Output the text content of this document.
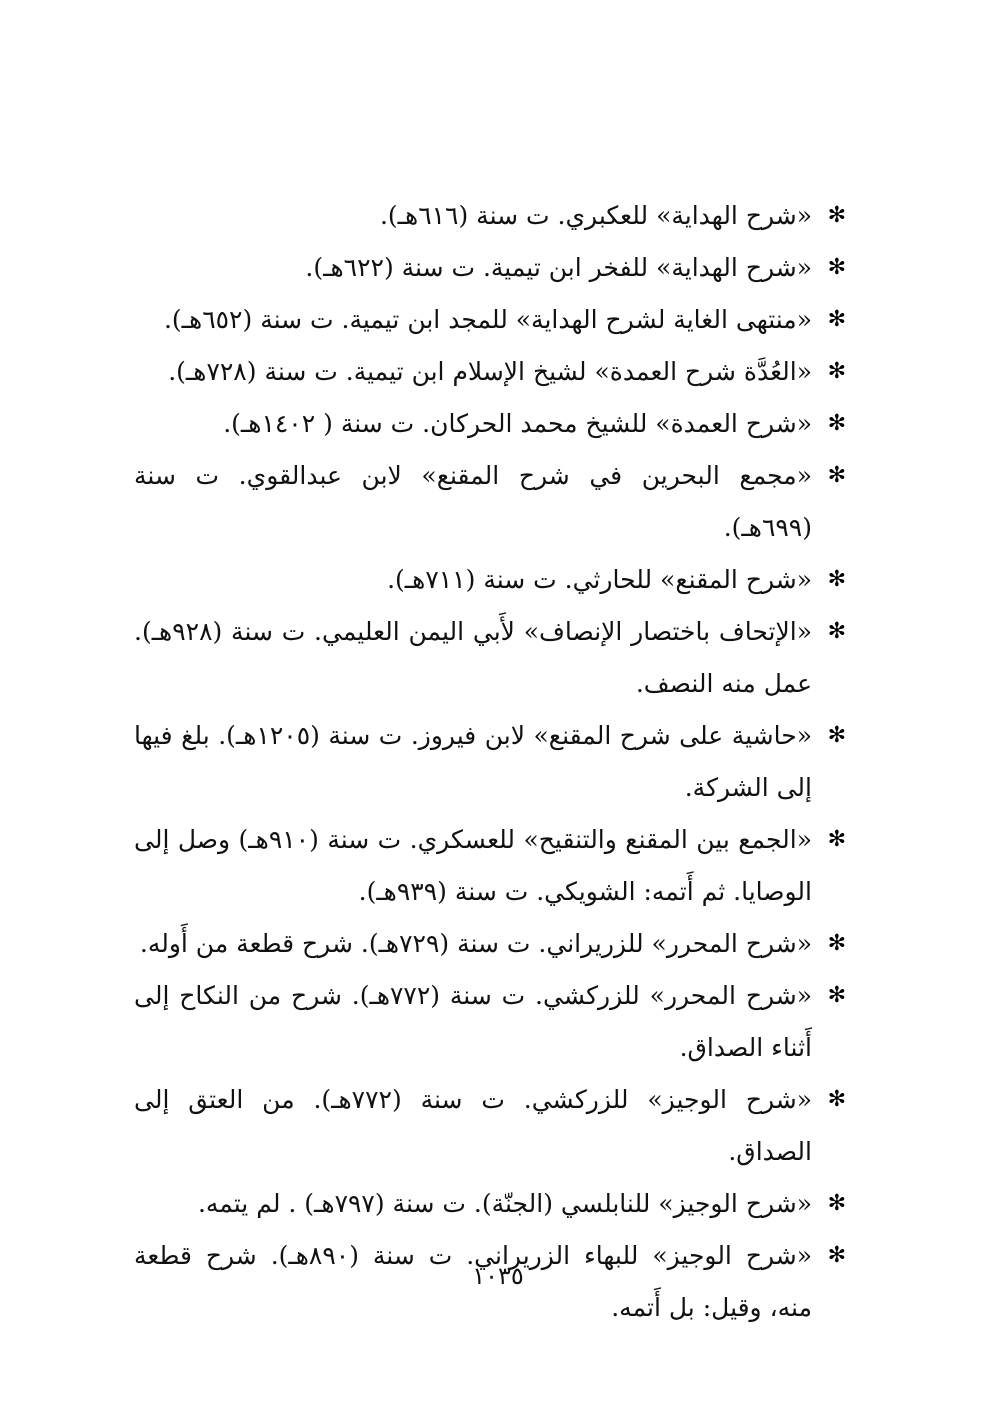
✻
«شرح الهداية» للعكبري. ت سنة (٦١٦هـ).
✻
«شرح الهداية» للفخر ابن تيمية. ت سنة (٦٢٢هـ).
✻
«منتهى الغاية لشرح الهداية» للمجد ابن تيمية. ت سنة (٦٥٢هـ).
✻
«العُدَّة شرح العمدة» لشيخ الإسلام ابن تيمية. ت سنة (٧٢٨هـ).
✻
«شرح العمدة» للشيخ محمد الحركان. ت سنة ( ١٤٠٢هـ).
✻
«مجمع البحرين في شرح المقنع» لابن عبدالقوي. ت سنة (٦٩٩هـ).
✻
«شرح المقنع» للحارثي. ت سنة (٧١١هـ).
✻
«الإتحاف باختصار الإنصاف» لأَبي اليمن العليمي. ت سنة (٩٢٨هـ). عمل منه النصف.
✻
«حاشية على شرح المقنع» لابن فيروز. ت سنة (١٢٠٥هـ). بلغ فيها إلى الشركة.
✻
«الجمع بين المقنع والتنقيح» للعسكري. ت سنة (٩١٠هـ) وصل إلى الوصايا. ثم أَتمه: الشويكي. ت سنة (٩٣٩هـ).
✻
«شرح المحرر» للزريراني. ت سنة (٧٢٩هـ). شرح قطعة من أَوله.
✻
«شرح المحرر» للزركشي. ت سنة (٧٧٢هـ). شرح من النكاح إلى أَثناء الصداق.
✻
«شرح الوجيز» للزركشي. ت سنة (٧٧٢هـ). من العتق إلى الصداق.
✻
«شرح الوجيز» للنابلسي (الجنّة). ت سنة (٧٩٧هـ) . لم يتمه.
✻
«شرح الوجيز» للبهاء الزريراني. ت سنة (٨٩٠هـ). شرح قطعة منه، وقيل: بل أَتمه.
١٠٣٥
